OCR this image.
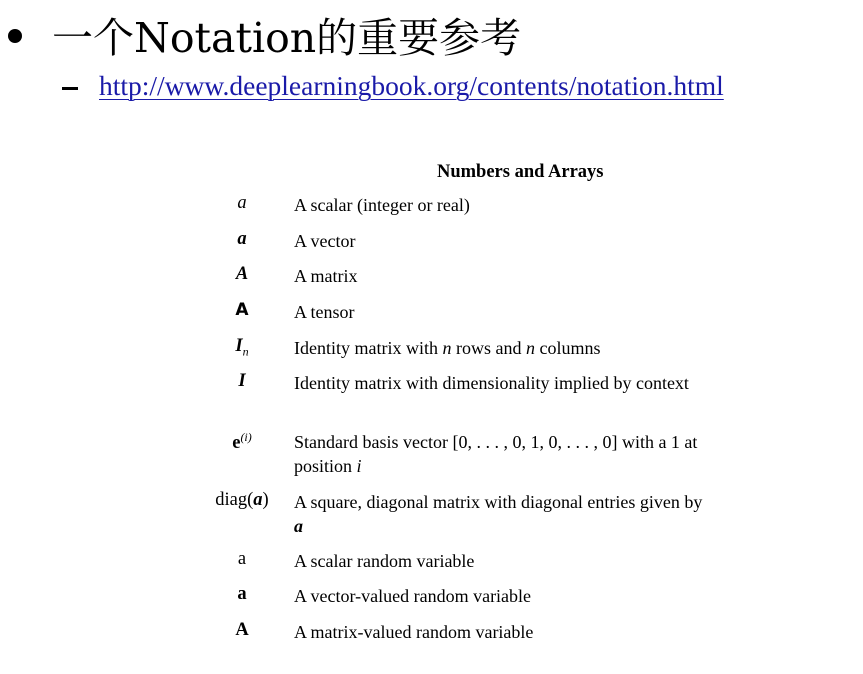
一个Notation的重要参考
http://www.deeplearningbook.org/contents/notation.html
Numbers and Arrays
a	A scalar (integer or real)
a	A vector
A	A matrix
A	A tensor
$I_n$	Identity matrix with n rows and n columns
I	Identity matrix with dimensionality implied by context
$e^{(i)}$	Standard basis vector [0, . . . , 0, 1, 0, . . . , 0] with a 1 at position i
diag(a)	A square, diagonal matrix with diagonal entries given by a
a	A scalar random variable
a	A vector-valued random variable
A	A matrix-valued random variable
